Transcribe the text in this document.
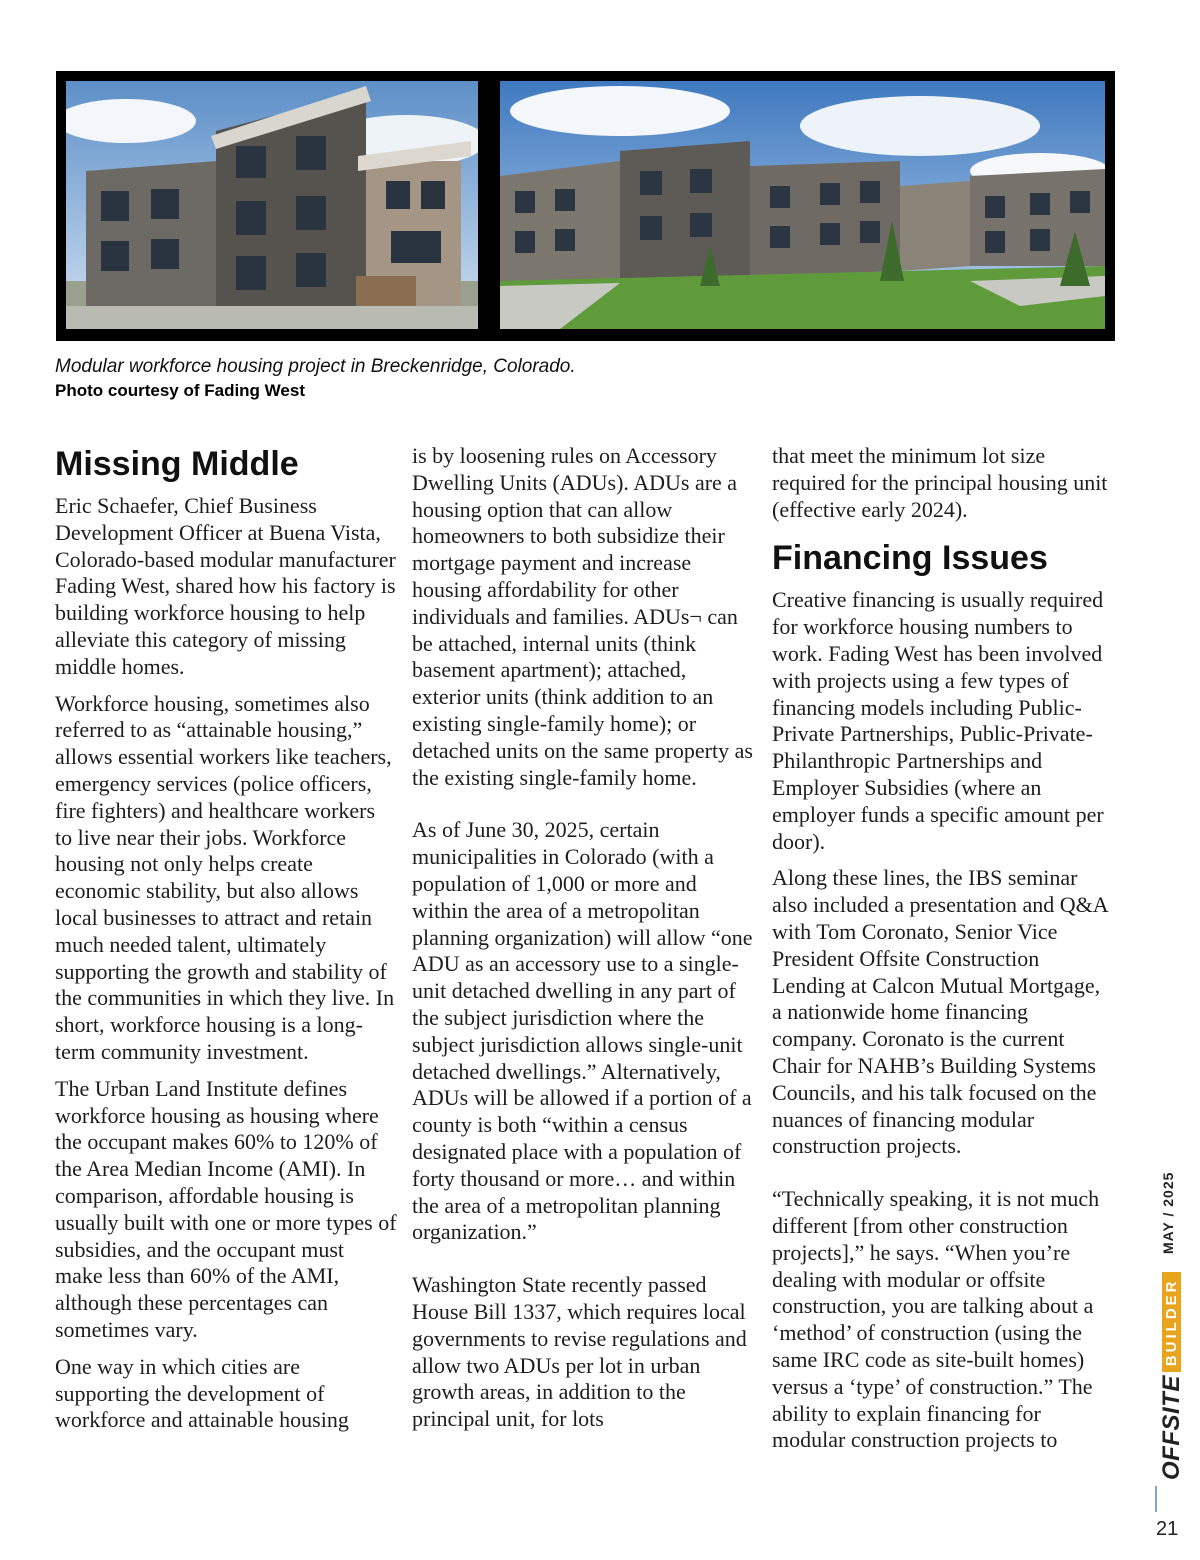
Modular workforce housing project in Breckenridge, Colorado.
Photo courtesy of Fading West
Missing Middle

Eric Schaefer, Chief Business Development Officer at Buena Vista, Colorado-based modular manufacturer Fading West, shared how his factory is building workforce housing to help alleviate this category of missing middle homes.

Workforce housing, sometimes also referred to as “attainable housing,” allows essential workers like teachers, emergency services (police officers, fire fighters) and healthcare workers to live near their jobs. Workforce housing not only helps create economic stability, but also allows local businesses to attract and retain much needed talent, ultimately supporting the growth and stability of the communities in which they live. In short, workforce housing is a long-term community investment.

The Urban Land Institute defines workforce housing as housing where the occupant makes 60% to 120% of the Area Median Income (AMI). In comparison, affordable housing is usually built with one or more types of subsidies, and the occupant must make less than 60% of the AMI, although these percentages can sometimes vary.

One way in which cities are supporting the development of workforce and attainable housing

is by loosening rules on Accessory Dwelling Units (ADUs). ADUs are a housing option that can allow homeowners to both subsidize their mortgage payment and increase housing affordability for other individuals and families. ADUs¬ can be attached, internal units (think basement apartment); attached, exterior units (think addition to an existing single-family home); or detached units on the same property as the existing single-family home.

As of June 30, 2025, certain municipalities in Colorado (with a population of 1,000 or more and within the area of a metropolitan planning organization) will allow “one ADU as an accessory use to a single-unit detached dwelling in any part of the subject jurisdiction where the subject jurisdiction allows single-unit detached dwellings.” Alternatively, ADUs will be allowed if a portion of a county is both “within a census designated place with a population of forty thousand or more… and within the area of a metropolitan planning organization.”

Washington State recently passed House Bill 1337, which requires local governments to revise regulations and allow two ADUs per lot in urban growth areas, in addition to the principal unit, for lots

that meet the minimum lot size required for the principal housing unit (effective early 2024).

Financing Issues

Creative financing is usually required for workforce housing numbers to work. Fading West has been involved with projects using a few types of financing models including Public-Private Partnerships, Public-Private-Philanthropic Partnerships and Employer Subsidies (where an employer funds a specific amount per door).

Along these lines, the IBS seminar also included a presentation and Q&A with Tom Coronato, Senior Vice President Offsite Construction Lending at Calcon Mutual Mortgage, a nationwide home financing company. Coronato is the current Chair for NAHB’s Building Systems Councils, and his talk focused on the nuances of financing modular construction projects.

“Technically speaking, it is not much different [from other construction projects],” he says. “When you’re dealing with modular or offsite construction, you are talking about a ‘method’ of construction (using the same IRC code as site-built homes) versus a ‘type’ of construction.” The ability to explain financing for modular construction projects to

MAY / 2025
OFFSITEBUILDER
21
